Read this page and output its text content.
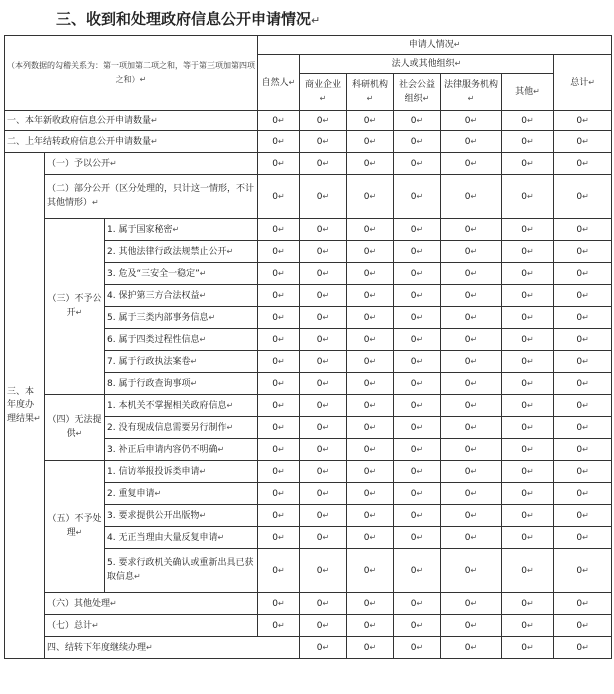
三、收到和处理政府信息公开申请情况↵
（本列数据的勾稽关系为：第一项加第二项之和，等于第三项加第四项之和）↵			申请人情况↵							
			自然人↵	法人或其他组织↵					总计↵	
				商业企业↵	科研机构↵	社会公益组织↵	法律服务机构↵	其他↵		
一、本年新收政府信息公开申请数量↵			0↵	0↵	0↵	0↵	0↵	0↵	0↵	
二、上年结转政府信息公开申请数量↵			0↵	0↵	0↵	0↵	0↵	0↵	0↵	
三、本年度办理结果↵	（一）予以公开↵		0↵	0↵	0↵	0↵	0↵	0↵	0↵	
	（二）部分公开（区分处理的，只计这一情形，不计其他情形）↵		0↵	0↵	0↵	0↵	0↵	0↵	0↵	
	（三）不予公开↵	1. 属于国家秘密↵	0↵	0↵	0↵	0↵	0↵	0↵	0↵	
		2. 其他法律行政法规禁止公开↵	0↵	0↵	0↵	0↵	0↵	0↵	0↵	
		3. 危及“三安全一稳定”↵	0↵	0↵	0↵	0↵	0↵	0↵	0↵	
		4. 保护第三方合法权益↵	0↵	0↵	0↵	0↵	0↵	0↵	0↵	
		5. 属于三类内部事务信息↵	0↵	0↵	0↵	0↵	0↵	0↵	0↵	
		6. 属于四类过程性信息↵	0↵	0↵	0↵	0↵	0↵	0↵	0↵	
		7. 属于行政执法案卷↵	0↵	0↵	0↵	0↵	0↵	0↵	0↵	
		8. 属于行政查询事项↵	0↵	0↵	0↵	0↵	0↵	0↵	0↵	
	（四）无法提供↵	1. 本机关不掌握相关政府信息↵	0↵	0↵	0↵	0↵	0↵	0↵	0↵	
		2. 没有现成信息需要另行制作↵	0↵	0↵	0↵	0↵	0↵	0↵	0↵	
		3. 补正后申请内容仍不明确↵	0↵	0↵	0↵	0↵	0↵	0↵	0↵	
	（五）不予处理↵	1. 信访举报投诉类申请↵	0↵	0↵	0↵	0↵	0↵	0↵	0↵	
		2. 重复申请↵	0↵	0↵	0↵	0↵	0↵	0↵	0↵	
		3. 要求提供公开出版物↵	0↵	0↵	0↵	0↵	0↵	0↵	0↵	
		4. 无正当理由大量反复申请↵	0↵	0↵	0↵	0↵	0↵	0↵	0↵	
		5. 要求行政机关确认或重新出具已获取信息↵	0↵	0↵	0↵	0↵	0↵	0↵	0↵	
	（六）其他处理↵		0↵	0↵	0↵	0↵	0↵	0↵	0↵	
	（七）总计↵		0↵	0↵	0↵	0↵	0↵	0↵	0↵	
	四、结转下年度继续办理↵			0↵	0↵	0↵	0↵	0↵	0↵	
